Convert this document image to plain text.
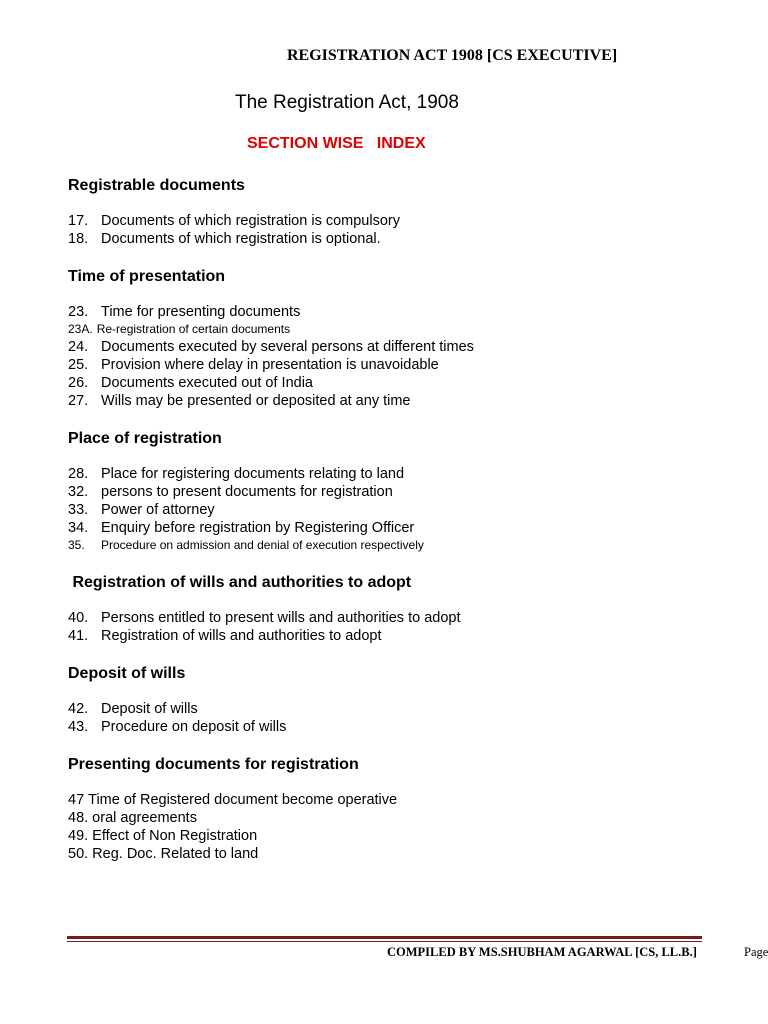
REGISTRATION ACT 1908 [CS EXECUTIVE]
The Registration Act, 1908
SECTION WISE   INDEX
Registrable documents
17. Documents of which registration is compulsory
18. Documents of which registration is optional.
Time of presentation
23. Time for presenting documents
23A. Re-registration of certain documents
24. Documents executed by several persons at different times
25. Provision where delay in presentation is unavoidable
26. Documents executed out of India
27. Wills may be presented or deposited at any time
Place of registration
28. Place for registering documents relating to land
32. persons to present documents for registration
33. Power of attorney
34. Enquiry before registration by Registering Officer
35.	Procedure on admission and denial of execution respectively
Registration of wills and authorities to adopt
40. Persons entitled to present wills and authorities to adopt
41. Registration of wills and authorities to adopt
Deposit of wills
42. Deposit of wills
43. Procedure on deposit of wills
Presenting documents for registration
47 Time of Registered document become operative
48. oral agreements
49. Effect of Non Registration
50. Reg. Doc. Related to land
COMPILED BY MS.SHUBHAM AGARWAL [CS, LL.B.]	Page
